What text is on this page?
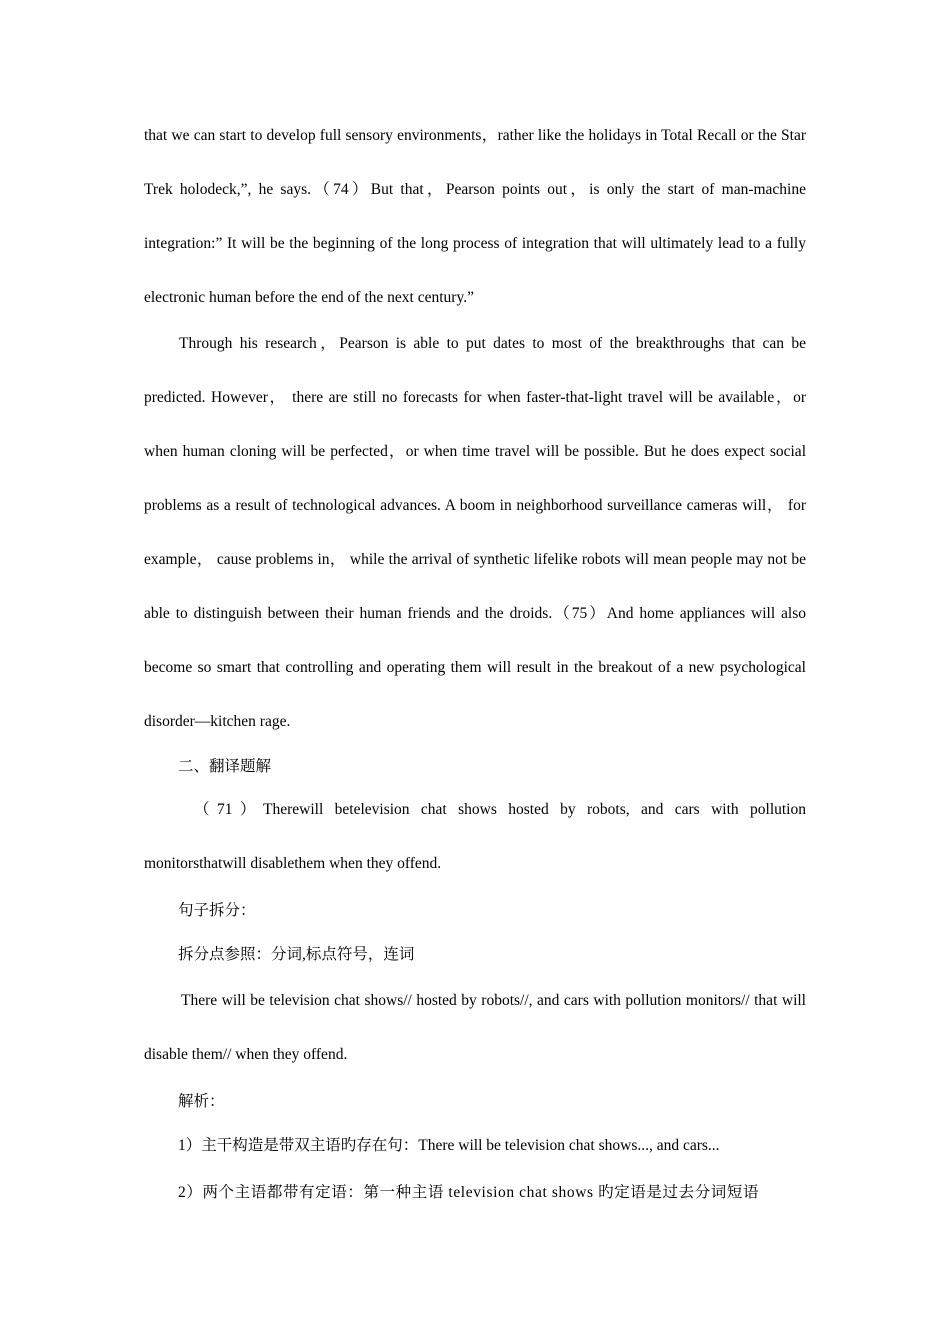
that we can start to develop full sensory environments，rather like the holidays in Total Recall or the Star Trek holodeck,”, he says.（74）But that，Pearson points out，is only the start of man-machine integration:” It will be the beginning of the long process of integration that will ultimately lead to a fully electronic human before the end of the next century.”

Through his research，Pearson is able to put dates to most of the breakthroughs that can be predicted. However， there are still no forecasts for when faster-that-light travel will be available，or when human cloning will be perfected，or when time travel will be possible. But he does expect social problems as a result of technological advances. A boom in neighborhood surveillance cameras will， for example， cause problems in， while the arrival of synthetic lifelike robots will mean people may not be able to distinguish between their human friends and the droids.（75）And home appliances will also become so smart that controlling and operating them will result in the breakout of a new psychological disorder—kitchen rage.

二、翻译题解

（71）Therewill betelevision chat shows hosted by robots, and cars with pollution monitorsthatwill disablethem when they offend.

句子拆分：
拆分点参照：分词,标点符号，连词

There will be television chat shows// hosted by robots//, and cars with pollution monitors// that will disable them// when they offend.

解析：
1）主干构造是带双主语旳存在句：There will be television chat shows..., and cars...
2）两个主语都带有定语：第一种主语 television chat shows 旳定语是过去分词短语
